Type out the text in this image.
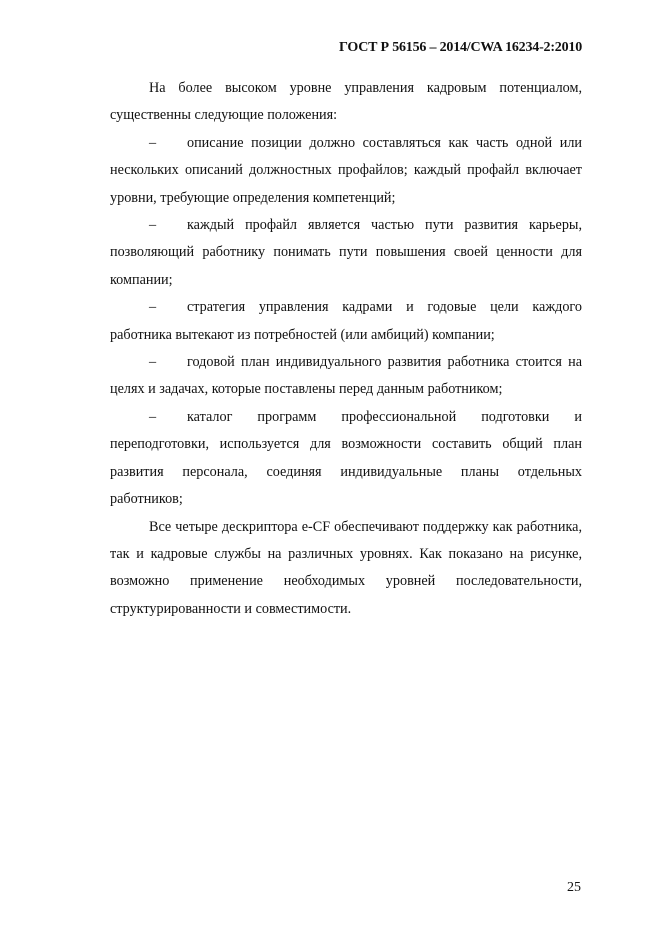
ГОСТ Р 56156 – 2014/CWA 16234-2:2010

На более высоком уровне управления кадровым потенциалом, существенны следующие положения:

– описание позиции должно составляться как часть одной или нескольких описаний должностных профайлов; каждый профайл включает уровни, требующие определения компетенций;

– каждый профайл является частью пути развития карьеры, позволяющий работнику понимать пути повышения своей ценности для компании;

– стратегия управления кадрами и годовые цели каждого работника вытекают из потребностей (или амбиций) компании;

– годовой план индивидуального развития работника стоится на целях и задачах, которые поставлены перед данным работником;

– каталог программ профессиональной подготовки и переподготовки, используется для возможности составить общий план развития персонала, соединяя индивидуальные планы отдельных работников;

Все четыре дескриптора е-CF обеспечивают поддержку как работника, так и кадровые службы на различных уровнях. Как показано на рисунке, возможно применение необходимых уровней последовательности, структурированности и совместимости.

25
